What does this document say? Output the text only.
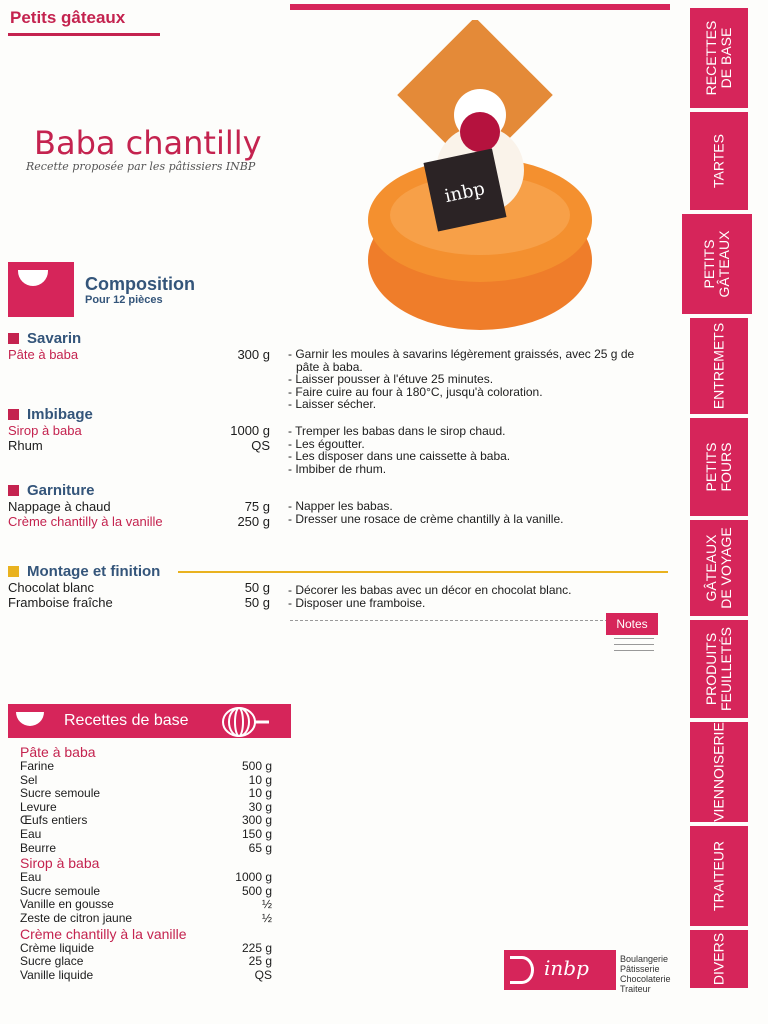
Petits gâteaux
Baba chantilly
Recette proposée par les pâtissiers INBP
inbp
Composition
Pour 12 pièces
Savarin
Pâte à baba	300 g	- Garnir les moules à savarins légèrement graissés, avec 25 g de pâte à baba.
- Laisser pousser à l'étuve 25 minutes.
- Faire cuire au four à 180°C, jusqu'à coloration.
- Laisser sécher.
Imbibage
Sirop à baba	1000 g
Rhum	QS
- Tremper les babas dans le sirop chaud.
- Les égoutter.
- Les disposer dans une caissette à baba.
- Imbiber de rhum.
Garniture
Nappage à chaud	75 g
Crème chantilly à la vanille	250 g
- Napper les babas.
- Dresser une rosace de crème chantilly à la vanille.
Montage et finition
Chocolat blanc	50 g
Framboise fraîche	50 g
- Décorer les babas avec un décor en chocolat blanc.
- Disposer une framboise.
Notes
Recettes de base
Pâte à baba
Farine	500 g
Sel	10 g
Sucre semoule	10 g
Levure	30 g
Œufs entiers	300 g
Eau	150 g
Beurre	65 g
Sirop à baba
Eau	1000 g
Sucre semoule	500 g
Vanille en gousse	½
Zeste de citron jaune	½
Crème chantilly à la vanille
Crème liquide	225 g
Sucre glace	25 g
Vanille liquide	QS
RECETTES
DE BASE
TARTES
PETITS
GÂTEAUX
ENTREMETS
PETITS
FOURS
GÂTEAUX
DE VOYAGE
PRODUITS
FEUILLETÉS
VIENNOISERIE
TRAITEUR
DIVERS
inbp	Boulangerie
Pâtisserie
Chocolaterie
Traiteur
